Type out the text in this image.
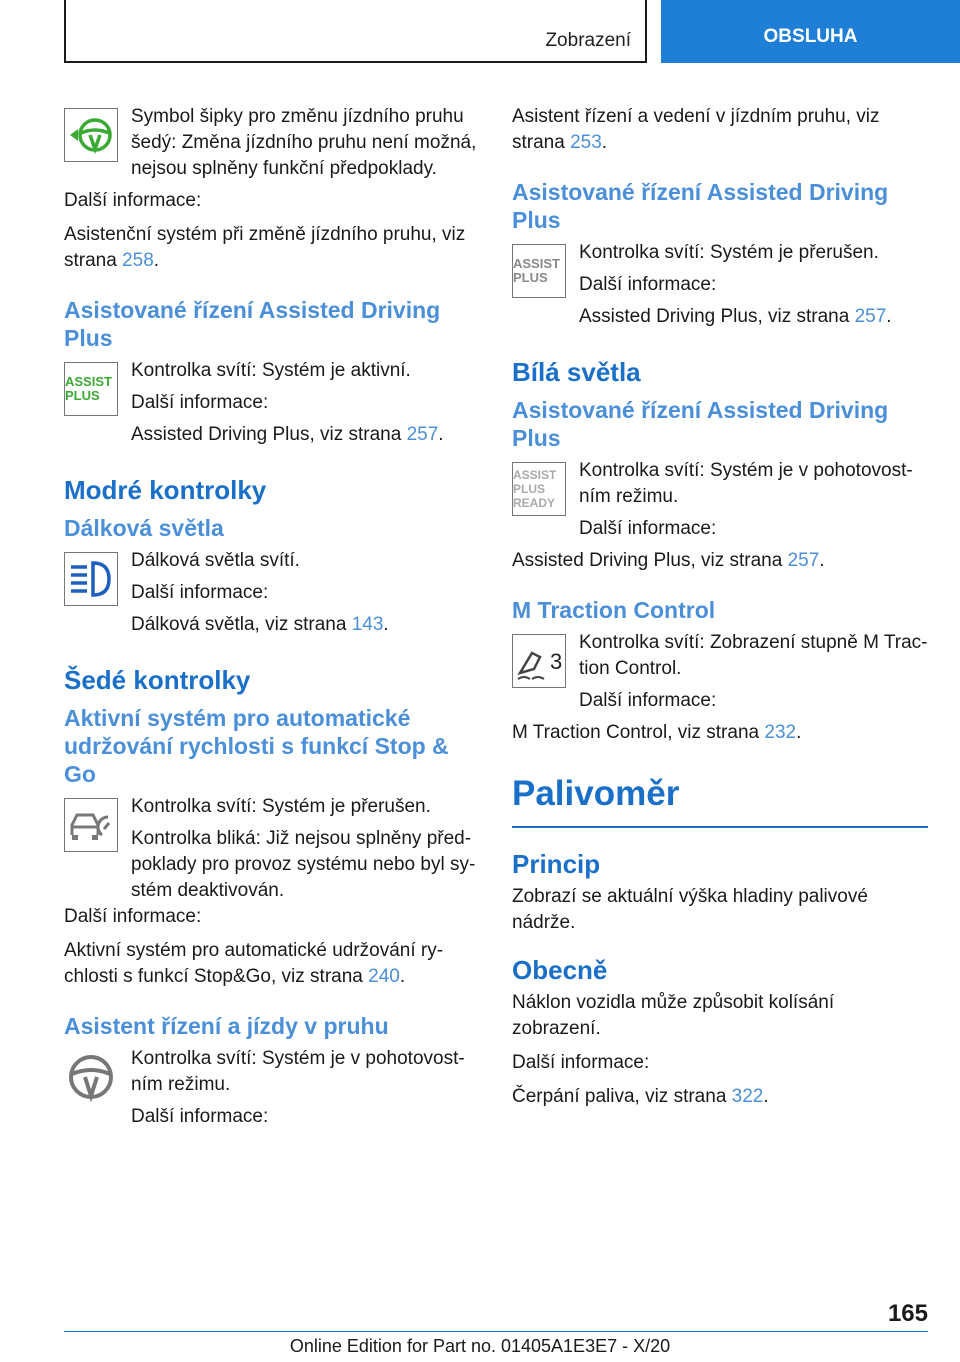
Zobrazení	OBSLUHA

Symbol šipky pro změnu jízdního pruhu šedý: Změna jízdního pruhu není možná, nejsou splněny funkční předpoklady.

Další informace:

Asistenční systém při změně jízdního pruhu, viz strana 258.

Asistované řízení Assisted Driving Plus
ASSIST PLUS

Kontrolka svítí: Systém je aktivní.

Další informace:

Assisted Driving Plus, viz strana 257.

Modré kontrolky
Dálková světla

Dálková světla svítí.

Další informace:

Dálková světla, viz strana 143.

Šedé kontrolky
Aktivní systém pro automatické udržování rychlosti s funkcí Stop & Go

Kontrolka svítí: Systém je přerušen.

Kontrolka bliká: Již nejsou splněny před-poklady pro provoz systému nebo byl sy-stém deaktivován.

Další informace:

Aktivní systém pro automatické udržování ry-chlosti s funkcí Stop&Go, viz strana 240.

Asistent řízení a jízdy v pruhu

Kontrolka svítí: Systém je v pohotovost-ním režimu.

Další informace:

Asistent řízení a vedení v jízdním pruhu, viz strana 253.

Asistované řízení Assisted Driving Plus
ASSIST PLUS

Kontrolka svítí: Systém je přerušen.

Další informace:

Assisted Driving Plus, viz strana 257.

Bílá světla
Asistované řízení Assisted Driving Plus
ASSIST PLUS READY

Kontrolka svítí: Systém je v pohotovost-ním režimu.

Další informace:

Assisted Driving Plus, viz strana 257.

M Traction Control
3

Kontrolka svítí: Zobrazení stupně M Trac-tion Control.

Další informace:

M Traction Control, viz strana 232.

Palivoměr
Princip

Zobrazí se aktuální výška hladiny palivové nádrže.

Obecně

Náklon vozidla může způsobit kolísání zobrazení.

Další informace:

Čerpání paliva, viz strana 322.

165
Online Edition for Part no. 01405A1E3E7 - X/20
